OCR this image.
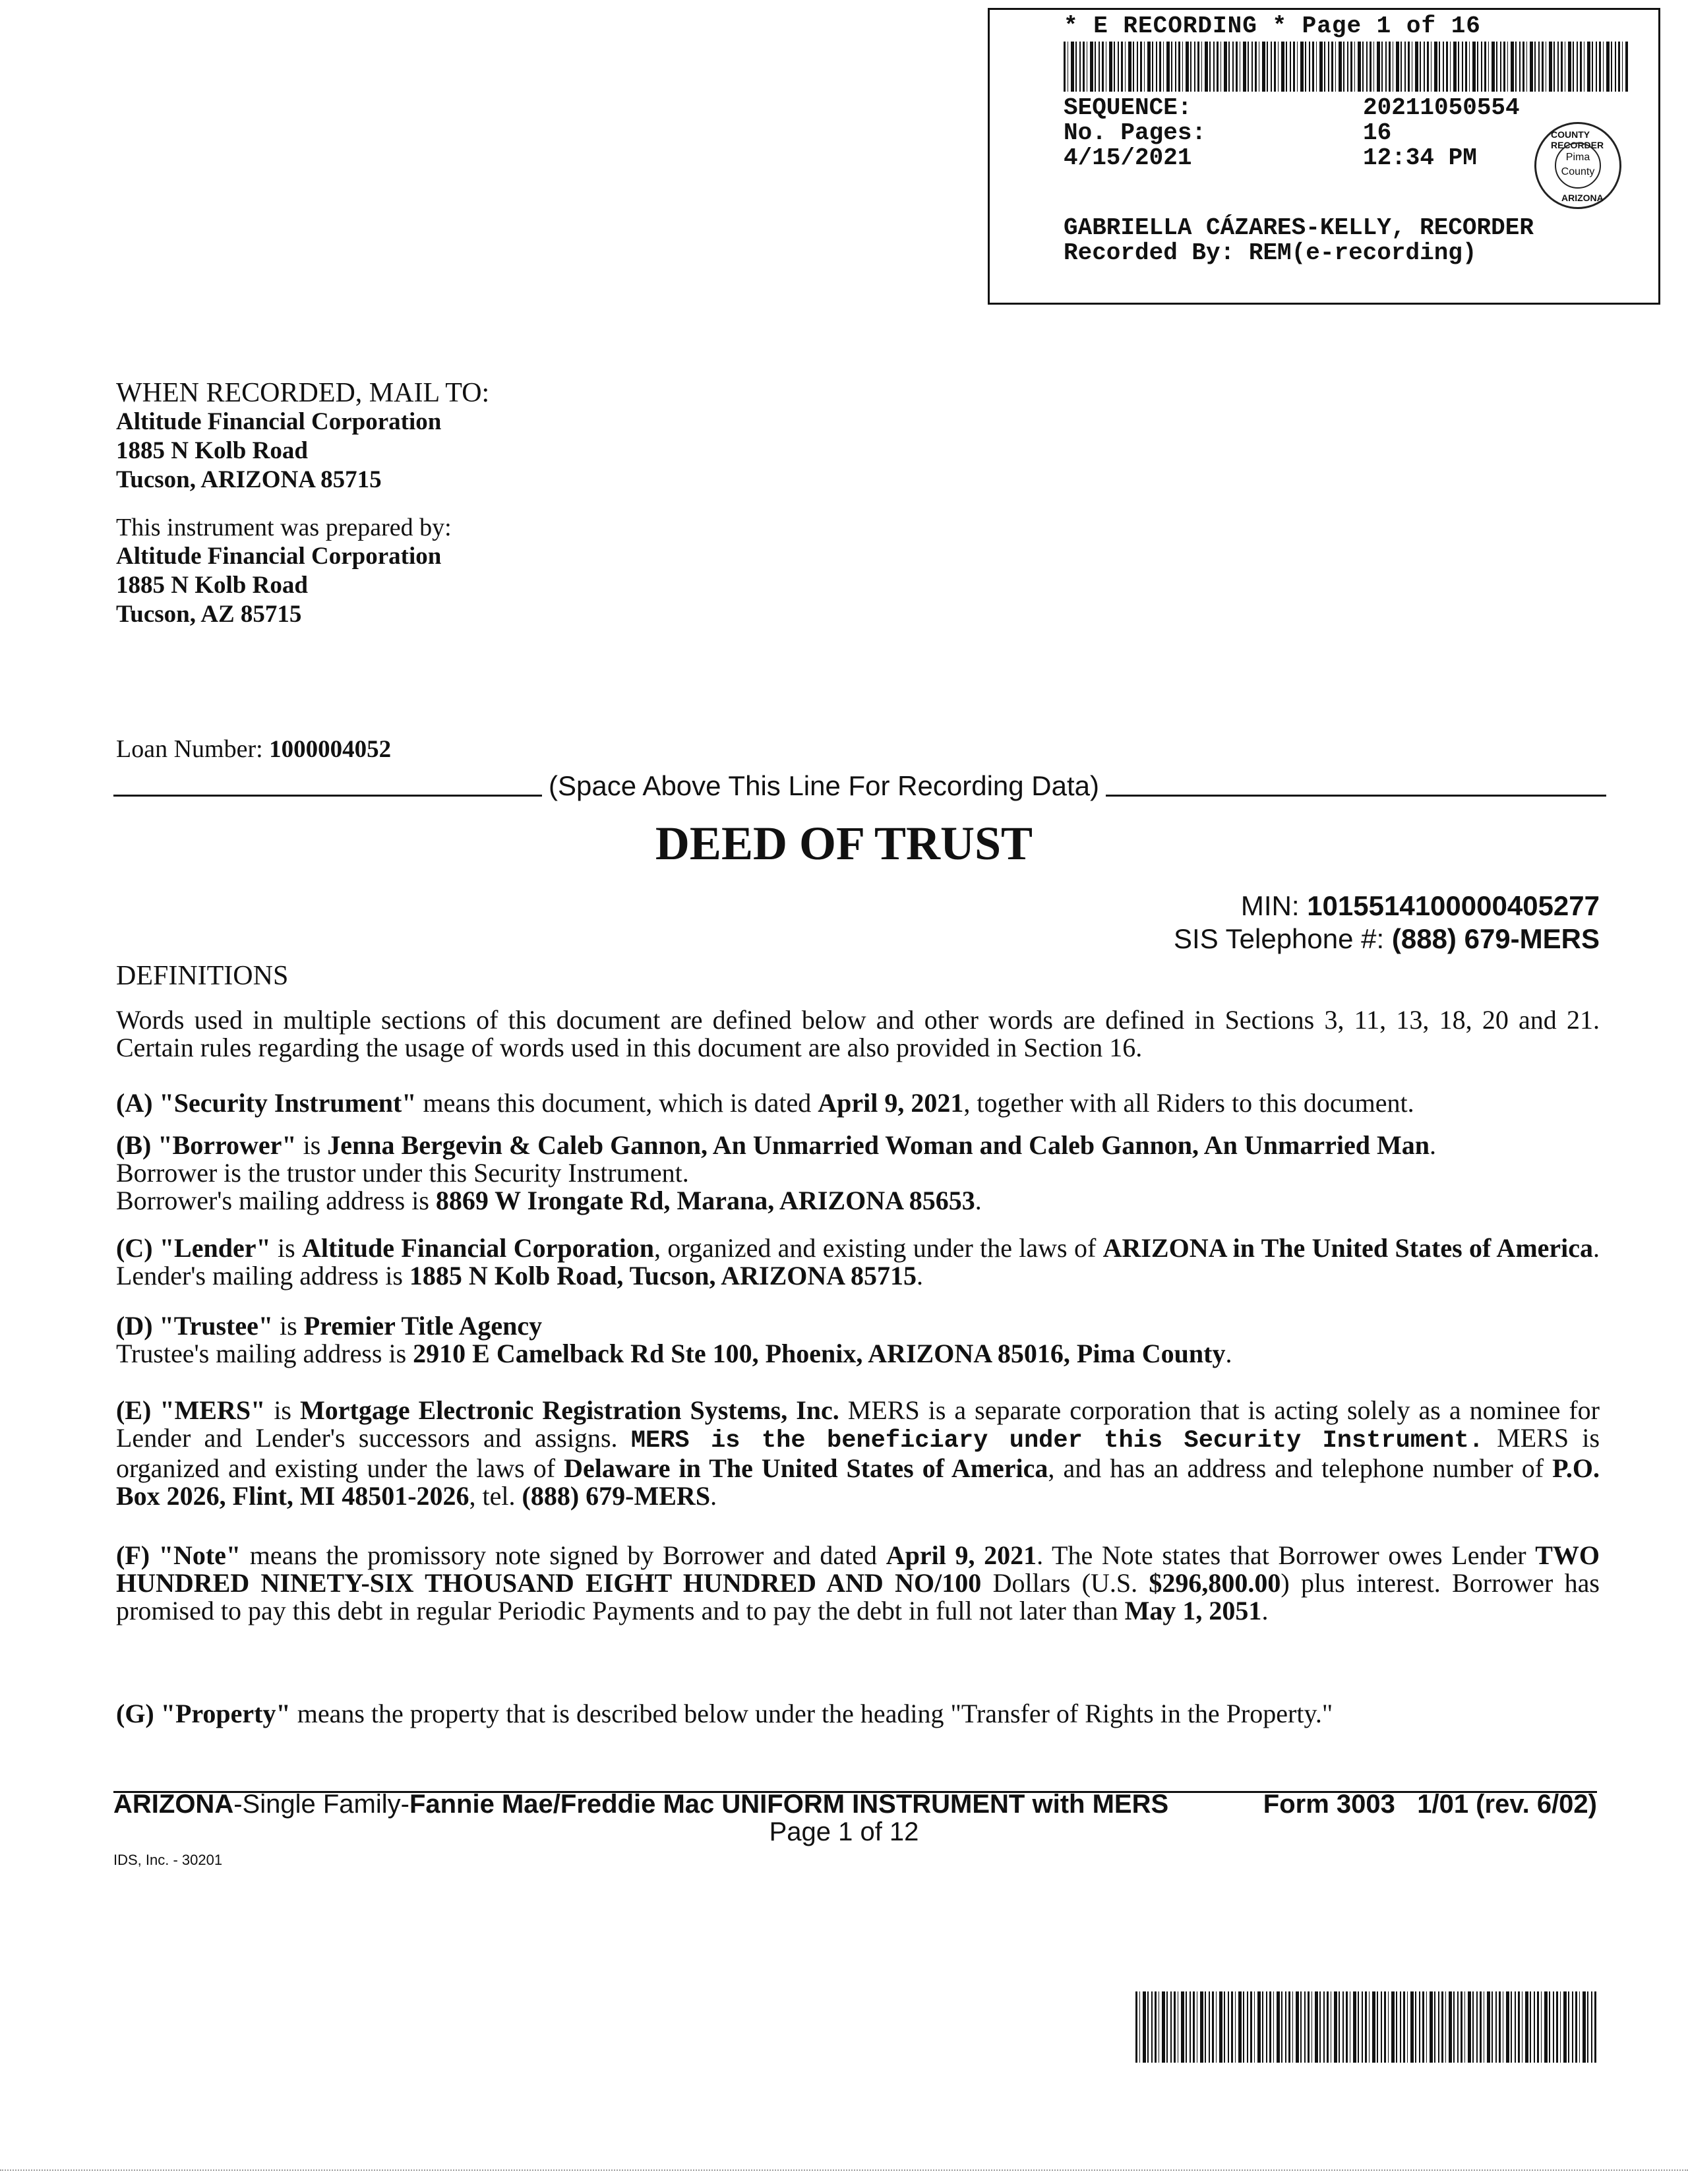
* E RECORDING * Page 1 of 16
SEQUENCE:	20211050554
No. Pages:	16
4/15/2021	12:34 PM
COUNTY RECORDER
Pima County
ARIZONA
GABRIELLA CÁZARES-KELLY, RECORDER
Recorded By: REM(e-recording)
WHEN RECORDED, MAIL TO:
Altitude Financial Corporation
1885 N Kolb Road
Tucson, ARIZONA 85715
This instrument was prepared by:
Altitude Financial Corporation
1885 N Kolb Road
Tucson, AZ 85715
Loan Number: 1000004052
(Space Above This Line For Recording Data)
DEED OF TRUST
MIN: 1015514100000405277
SIS Telephone #: (888) 679-MERS
DEFINITIONS
Words used in multiple sections of this document are defined below and other words are defined in Sections 3, 11, 13, 18, 20 and 21. Certain rules regarding the usage of words used in this document are also provided in Section 16.
(A) "Security Instrument" means this document, which is dated April 9, 2021, together with all Riders to this document.
(B) "Borrower" is Jenna Bergevin & Caleb Gannon, An Unmarried Woman and Caleb Gannon, An Unmarried Man.
Borrower is the trustor under this Security Instrument.
Borrower's mailing address is 8869 W Irongate Rd, Marana, ARIZONA 85653.
(C) "Lender" is Altitude Financial Corporation, organized and existing under the laws of ARIZONA in The United States of America. Lender's mailing address is 1885 N Kolb Road, Tucson, ARIZONA 85715.
(D) "Trustee" is Premier Title Agency
Trustee's mailing address is 2910 E Camelback Rd Ste 100, Phoenix, ARIZONA 85016, Pima County.
(E) "MERS" is Mortgage Electronic Registration Systems, Inc. MERS is a separate corporation that is acting solely as a nominee for Lender and Lender's successors and assigns. MERS is the beneficiary under this Security Instrument. MERS is organized and existing under the laws of Delaware in The United States of America, and has an address and telephone number of P.O. Box 2026, Flint, MI 48501-2026, tel. (888) 679-MERS.
(F) "Note" means the promissory note signed by Borrower and dated April 9, 2021. The Note states that Borrower owes Lender TWO HUNDRED NINETY-SIX THOUSAND EIGHT HUNDRED AND NO/100 Dollars (U.S. $296,800.00) plus interest. Borrower has promised to pay this debt in regular Periodic Payments and to pay the debt in full not later than May 1, 2051.
(G) "Property" means the property that is described below under the heading "Transfer of Rights in the Property."
ARIZONA-Single Family-Fannie Mae/Freddie Mac UNIFORM INSTRUMENT with MERS	Form 3003   1/01 (rev. 6/02)
Page 1 of 12
IDS, Inc. - 30201
